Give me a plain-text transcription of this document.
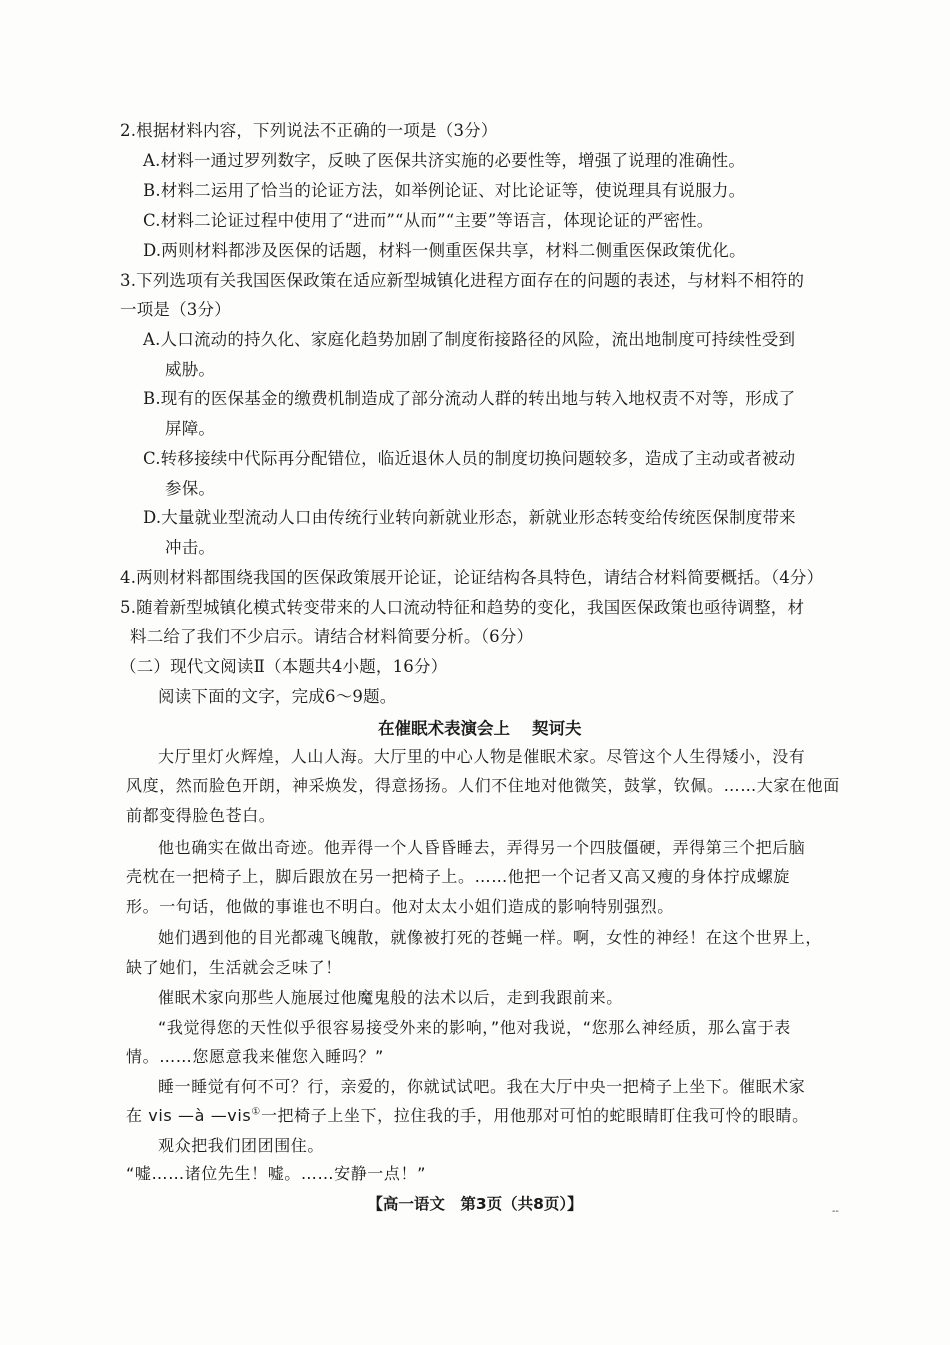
2.根据材料内容，下列说法不正确的一项是（3分）
A.材料一通过罗列数字，反映了医保共济实施的必要性等，增强了说理的准确性。
B.材料二运用了恰当的论证方法，如举例论证、对比论证等，使说理具有说服力。
C.材料二论证过程中使用了“进而”“从而”“主要”等语言，体现论证的严密性。
D.两则材料都涉及医保的话题，材料一侧重医保共享，材料二侧重医保政策优化。
3.下列选项有关我国医保政策在适应新型城镇化进程方面存在的问题的表述，与材料不相符的
一项是（3分）
A.人口流动的持久化、家庭化趋势加剧了制度衔接路径的风险，流出地制度可持续性受到
威胁。
B.现有的医保基金的缴费机制造成了部分流动人群的转出地与转入地权责不对等，形成了
屏障。
C.转移接续中代际再分配错位，临近退休人员的制度切换问题较多，造成了主动或者被动
参保。
D.大量就业型流动人口由传统行业转向新就业形态，新就业形态转变给传统医保制度带来
冲击。
4.两则材料都围绕我国的医保政策展开论证，论证结构各具特色，请结合材料简要概括。（4分）
5.随着新型城镇化模式转变带来的人口流动特征和趋势的变化，我国医保政策也亟待调整，材
料二给了我们不少启示。请结合材料简要分析。（6分）
（二）现代文阅读Ⅱ（本题共4小题，16分）
阅读下面的文字，完成6～9题。
在催眠术表演会上 契诃夫
大厅里灯火辉煌，人山人海。大厅里的中心人物是催眠术家。尽管这个人生得矮小，没有
风度，然而脸色开朗，神采焕发，得意扬扬。人们不住地对他微笑，鼓掌，钦佩。……大家在他面
前都变得脸色苍白。
他也确实在做出奇迹。他弄得一个人昏昏睡去，弄得另一个四肢僵硬，弄得第三个把后脑
壳枕在一把椅子上，脚后跟放在另一把椅子上。……他把一个记者又高又瘦的身体拧成螺旋
形。一句话，他做的事谁也不明白。他对太太小姐们造成的影响特别强烈。
她们遇到他的目光都魂飞魄散，就像被打死的苍蝇一样。啊，女性的神经！在这个世界上，
缺了她们，生活就会乏味了！
催眠术家向那些人施展过他魔鬼般的法术以后，走到我跟前来。
“我觉得您的天性似乎很容易接受外来的影响，”他对我说，“您那么神经质，那么富于表
情。……您愿意我来催您入睡吗？”
睡一睡觉有何不可？行，亲爱的，你就试试吧。我在大厅中央一把椅子上坐下。催眠术家
在 vis —à —vis①一把椅子上坐下，拉住我的手，用他那对可怕的蛇眼睛盯住我可怜的眼睛。
观众把我们团团围住。
“嘘……诸位先生！嘘。……安静一点！”
【高一语文　第3页（共8页）】	--
